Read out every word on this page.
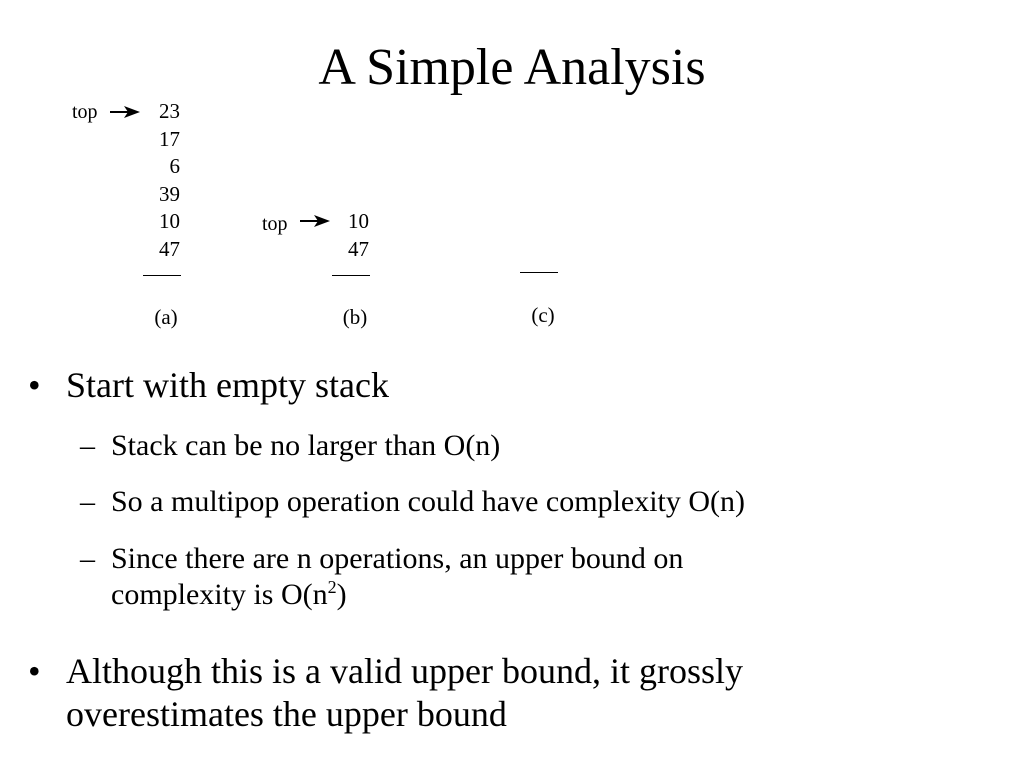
A Simple Analysis
top	23
17
6
39
10
47
(a)
top	10
47
(b)	(c)
• Start with empty stack
– Stack can be no larger than O(n)
– So a multipop operation could have complexity O(n)
– Since there are n operations, an upper bound on
complexity is $O(n^2)$
• Although this is a valid upper bound, it grossly
overestimates the upper bound
